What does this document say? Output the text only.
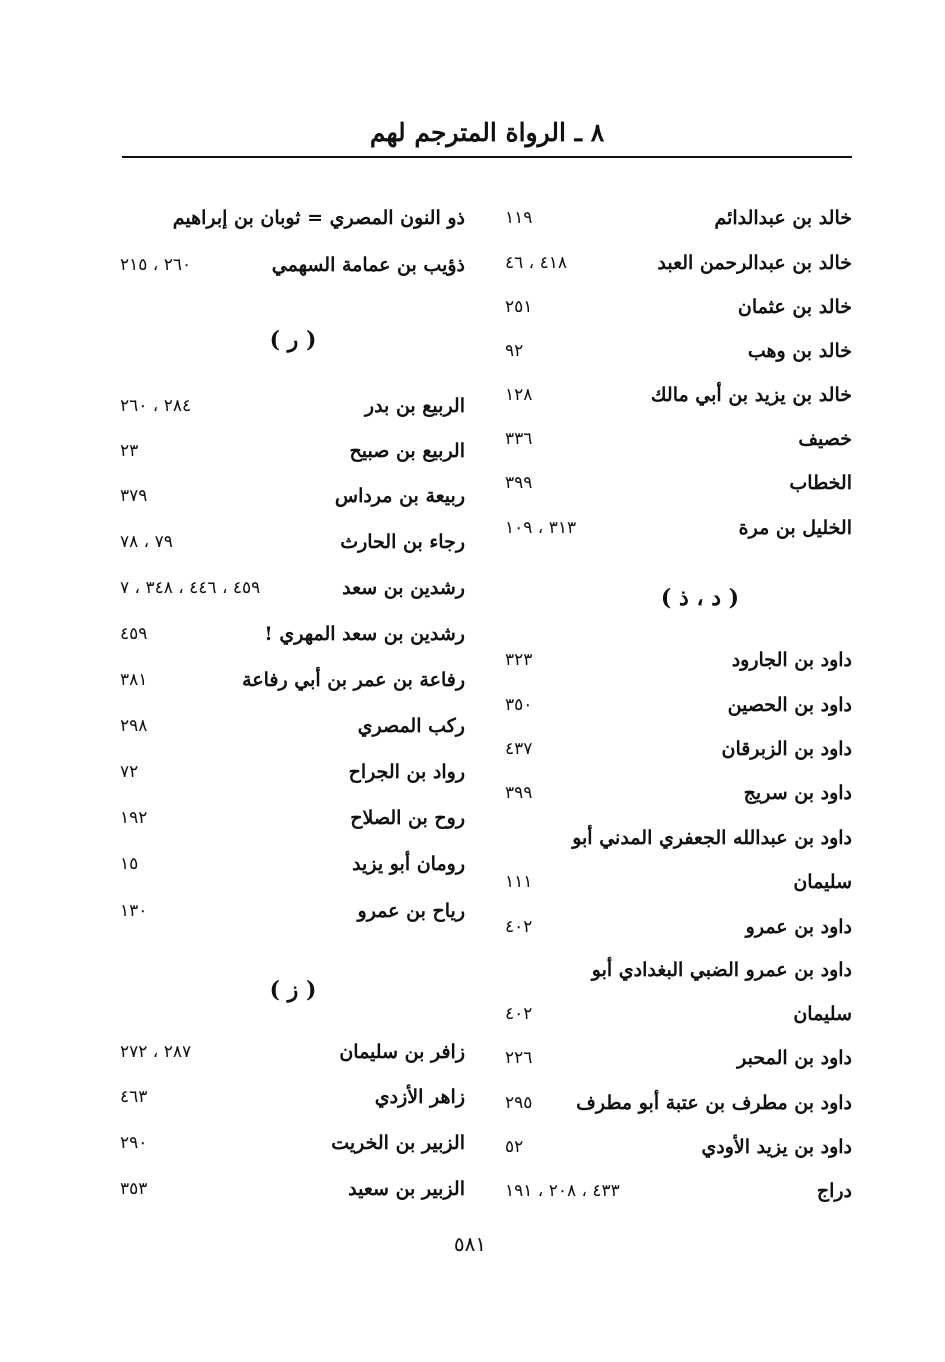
٨ ـ الرواة المترجم لهم
خالد بن عبدالدائم
١١٩
خالد بن عبدالرحمن العبد
٤١٨ ، ٤٦
خالد بن عثمان
٢٥١
خالد بن وهب
٩٢
خالد بن يزيد بن أبي مالك
١٢٨
خصيف
٣٣٦
الخطاب
٣٩٩
الخليل بن مرة
٣١٣ ، ١٠٩
( د ، ذ )
داود بن الجارود
٣٢٣
داود بن الحصين
٣٥٠
داود بن الزبرقان
٤٣٧
داود بن سريج
٣٩٩
داود بن عبدالله الجعفري المدني أبو
سليمان
١١١
داود بن عمرو
٤٠٢
داود بن عمرو الضبي البغدادي أبو
سليمان
٤٠٢
داود بن المحبر
٢٢٦
داود بن مطرف بن عتبة أبو مطرف
٢٩٥
داود بن يزيد الأودي
٥٢
دراج
٤٣٣ ، ٢٠٨ ، ١٩١
ذو النون المصري = ثوبان بن إبراهيم
ذؤيب بن عمامة السهمي
٢٦٠ ، ٢١٥
( ر )
الربيع بن بدر
٢٨٤ ، ٢٦٠
الربيع بن صبيح
٢٣
ربيعة بن مرداس
٣٧٩
رجاء بن الحارث
٧٩ ، ٧٨
رشدين بن سعد
٤٥٩ ، ٤٤٦ ، ٣٤٨ ، ٧
رشدين بن سعد المهري !
٤٥٩
رفاعة بن عمر بن أبي رفاعة
٣٨١
ركب المصري
٢٩٨
رواد بن الجراح
٧٢
روح بن الصلاح
١٩٢
رومان أبو يزيد
١٥
رياح بن عمرو
١٣٠
( ز )
زافر بن سليمان
٢٨٧ ، ٢٧٢
زاهر الأزدي
٤٦٣
الزبير بن الخريت
٢٩٠
الزبير بن سعيد
٣٥٣
٥٨١
